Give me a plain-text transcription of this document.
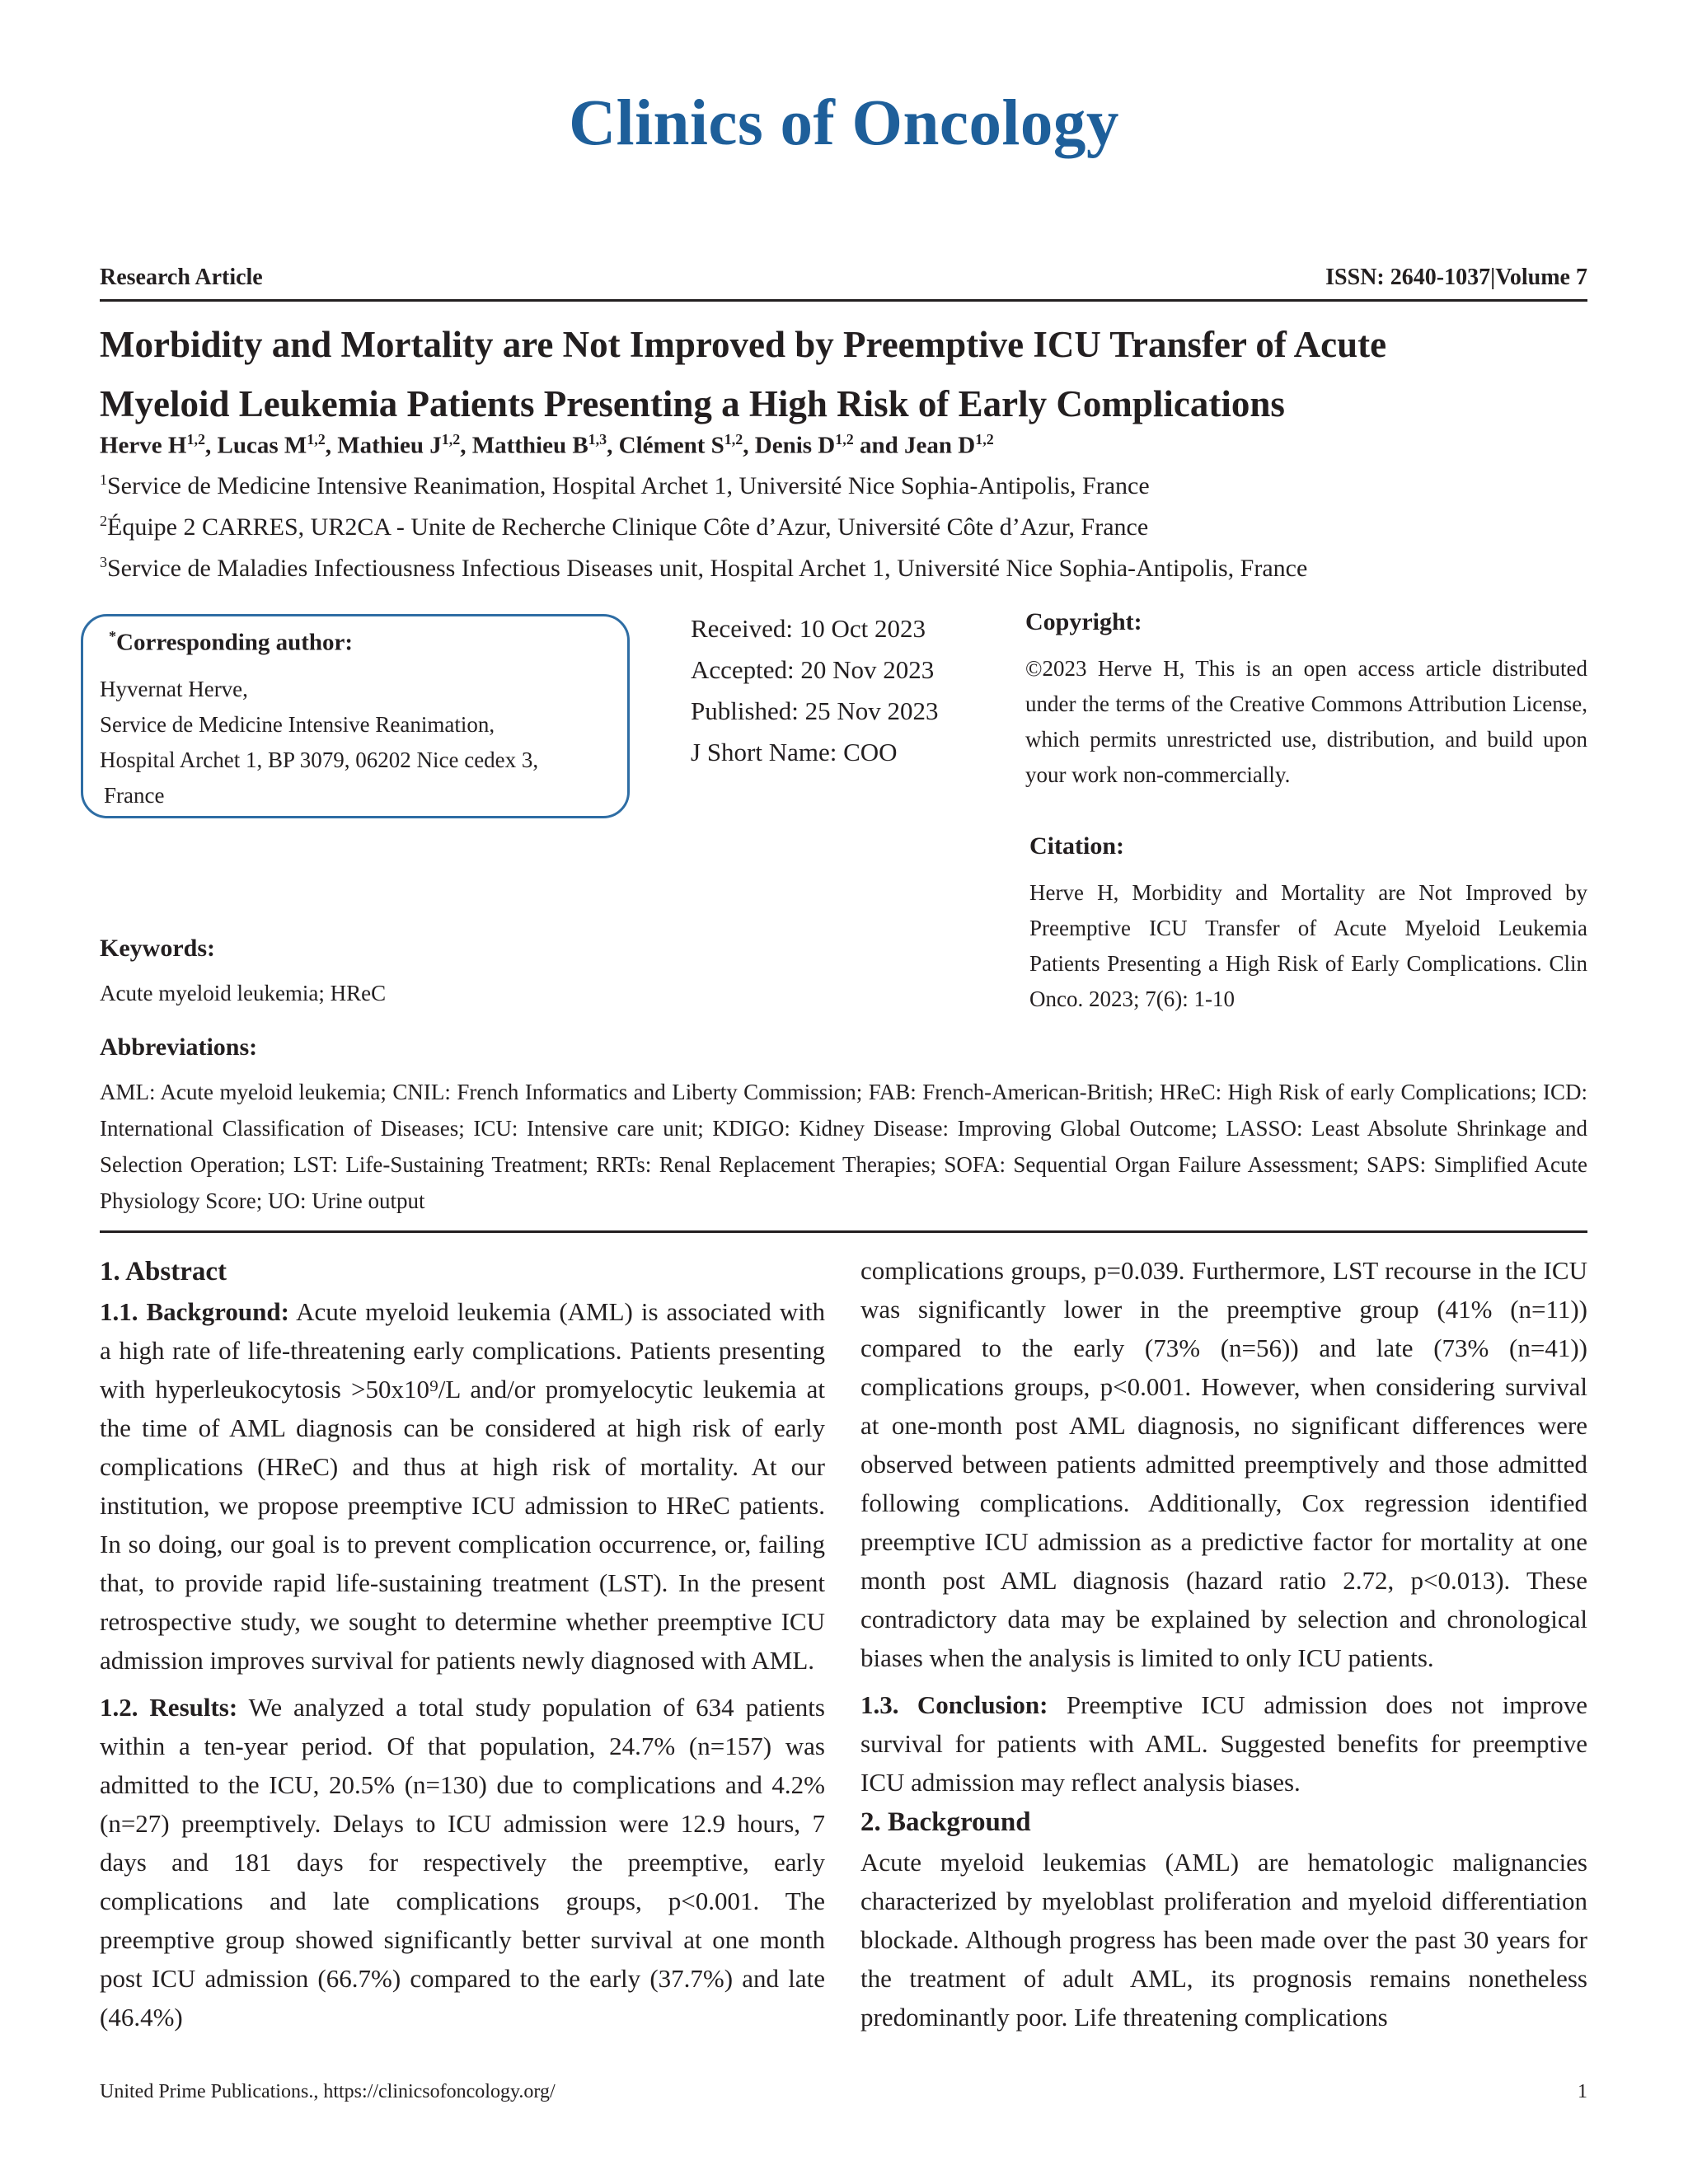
Clinics of Oncology
Research Article	ISSN: 2640-1037|Volume 7
Morbidity and Mortality are Not Improved by Preemptive ICU Transfer of Acute
Myeloid Leukemia Patients Presenting a High Risk of Early Complications
Herve H$^{1,2}$, Lucas M$^{1,2}$, Mathieu J$^{1,2}$, Matthieu B$^{1,3}$, Clément S$^{1,2}$, Denis D$^{1,2}$ and Jean D$^{1,2}$
$^1$Service de Medicine Intensive Reanimation, Hospital Archet 1, Université Nice Sophia-Antipolis, France
$^2$Équipe 2 CARRES, UR2CA - Unite de Recherche Clinique Côte d’Azur, Université Côte d’Azur, France
$^3$Service de Maladies Infectiousness Infectious Diseases unit, Hospital Archet 1, Université Nice Sophia-Antipolis, France
*Corresponding author:
Hyvernat Herve,
Service de Medicine Intensive Reanimation,
Hospital Archet 1, BP 3079, 06202 Nice cedex 3,
France
Received: 10 Oct 2023
Accepted: 20 Nov 2023
Published: 25 Nov 2023
J Short Name: COO
Copyright:
©2023 Herve H, This is an open access article distributed under the terms of the Creative Commons Attribution License, which permits unrestricted use, distribution, and build upon your work non-commercially.
Citation:
Herve H, Morbidity and Mortality are Not Improved by Preemptive ICU Transfer of Acute Myeloid Leukemia Patients Presenting a High Risk of Early Complications. Clin Onco. 2023; 7(6): 1-10
Keywords:
Acute myeloid leukemia; HReC
Abbreviations:
AML: Acute myeloid leukemia; CNIL: French Informatics and Liberty Commission; FAB: French-American-British; HReC: High Risk of early Complications; ICD: International Classification of Diseases; ICU: Intensive care unit; KDIGO: Kidney Disease: Improving Global Outcome; LASSO: Least Absolute Shrinkage and Selection Operation; LST: Life-Sustaining Treatment; RRTs: Renal Replacement Therapies; SOFA: Sequential Organ Failure Assessment; SAPS: Simplified Acute Physiology Score; UO: Urine output
1. Abstract

1.1. Background: Acute myeloid leukemia (AML) is associated with a high rate of life-threatening early complications. Patients presenting with hyperleukocytosis >50x10⁹/L and/or promyelocytic leukemia at the time of AML diagnosis can be considered at high risk of early complications (HReC) and thus at high risk of mortality. At our institution, we propose preemptive ICU admission to HReC patients. In so doing, our goal is to prevent complication occurrence, or, failing that, to provide rapid life-sustaining treatment (LST). In the present retrospective study, we sought to determine whether preemptive ICU admission improves survival for patients newly diagnosed with AML.

1.2. Results: We analyzed a total study population of 634 patients within a ten-year period. Of that population, 24.7% (n=157) was admitted to the ICU, 20.5% (n=130) due to complications and 4.2% (n=27) preemptively. Delays to ICU admission were 12.9 hours, 7 days and 181 days for respectively the preemptive, early complications and late complications groups, p<0.001. The preemptive group showed significantly better survival at one month post ICU admission (66.7%) compared to the early (37.7%) and late (46.4%)

complications groups, p=0.039. Furthermore, LST recourse in the ICU was significantly lower in the preemptive group (41% (n=11)) compared to the early (73% (n=56)) and late (73% (n=41)) complications groups, p<0.001. However, when considering survival at one-month post AML diagnosis, no significant differences were observed between patients admitted preemptively and those admitted following complications. Additionally, Cox regression identified preemptive ICU admission as a predictive factor for mortality at one month post AML diagnosis (hazard ratio 2.72, p<0.013). These contradictory data may be explained by selection and chronological biases when the analysis is limited to only ICU patients.

1.3. Conclusion: Preemptive ICU admission does not improve survival for patients with AML. Suggested benefits for preemptive ICU admission may reflect analysis biases.

2. Background

Acute myeloid leukemias (AML) are hematologic malignancies characterized by myeloblast proliferation and myeloid differentiation blockade. Although progress has been made over the past 30 years for the treatment of adult AML, its prognosis remains nonetheless predominantly poor. Life threatening complications

United Prime Publications., https://clinicsofoncology.org/	1
